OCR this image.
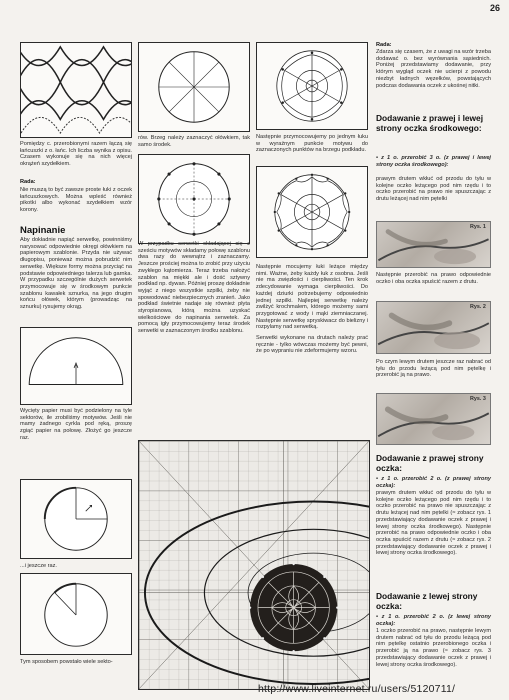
26
Pomiędzy c. przerobionymi razem łączą się łańcuszki z o. łańc. Ich liczba wynika z opisu. Czasem wykonuje się na nich więcej okrążeń szydełkiem.
Rada:
Nie muszą to być zawsze proste łuki z oczek łańcuszkowych. Można wpleść również pikotki albo wykonać szydełkiem wzór korony.
Napinanie
Aby dokładnie napiąć serwetkę, powinniśmy narysować odpowiednie okręgi ołówkiem na papierowym szablonie. Przyda nie używać długopisu, ponieważ można pobrudzić nim serwetkę. Większe formy można przyciąć na podstawie odpowiedniego talerza lub garnka. W przypadku szczególnie dużych serwetek przymocowuje się w środkowym punkcie szablonu kawałek sznurka, na jego drugim końcu ołówek, którym (prowadząc na sznurku) rysujemy okrąg.
Wycięty papier musi być podzielony na tyle sektorów, ile zrobiliśmy motywów. Jeśli nie mamy żadnego cyrkla pod ręką, proszę zgiąć papier na połowę. Złożyć go jeszcze raz.
...i jeszcze raz.
Tym sposobem powstało wiele sekto-
rów. Brzeg należy zaznaczyć ołówkiem, tak samo środek.
W przypadku serwetki składającej się z sześciu motywów składamy połowę szablonu dwa razy do wewnątrz i zaznaczamy. Jeszcze prościej można to zrobić przy użyciu zwykłego kątomierza. Teraz trzeba nałożyć szablon na miękki ale i dość sztywny podkład np. dywan. Później proszę dokładnie wyjąć z niego wszystkie szpilki, żeby nie spowodować niebezpiecznych zranień. Jako podkład świetnie nadaje się również płyta styropianowa, którą można uzyskać wielkościowe do napinania serwetek. Za pomocą igły przymocowujemy teraz środek serwetki w zaznaczonym środku szablonu.
Następnie przymocowujemy po jednym łuku w wyraźnym punkcie motywu do zaznaczonych punktów na brzegu podkładu.
Następnie mocujemy łuki leżące między nimi. Ważne, żeby każdy łuk z osobna. Jeśli nie ma zwięzłości i cierpliwości. Ten krok zdecydowanie wymaga cierpliwości. Do każdej dziurki potrzebujemy odpowiednio jednej szpilki. Najlepiej serwetkę należy zwilżyć krochmalem, którego możemy sami przygotować z wody i mąki ziemniaczanej. Następnie serwetkę spryskiwacz do bielizny i rozpylamy nad serwetką.
Serwetki wykonane na drutach należy prać ręcznie - tylko wówczas możemy być pewni, że po wypraniu nie zdeformujemy wzoru.
Rada:
Zdarza się czasem, że z uwagi na wzór trzeba dodawać o. bez wyrównania sąsiednich. Poniżej przedstawiamy dodawanie, przy którym wygląd oczek nie ucierpi z powodu niezbyt ładnych węzełków, powstających podczas dodawania oczek z ukośnej nitki.
Dodawanie z prawej i lewej strony oczka środkowego:
• z 1 o. przerobić 3 o. (z prawej i lewej strony oczka środkowego):
prawym drutem wkłuć od przodu do tyłu w kolejne oczko leżącego pod nim rzędu i to oczko przerobić na prawo nie spuszczając z drutu leżącej nad nim pętelki
Rys. 1
Następnie przerobić na prawo odpowiednie oczko i oba oczka spuścić razem z drutu.
Rys. 2
Po czym lewym drutem jeszcze raz nabrać od tyłu do przodu leżącą pod nim pętelkę i przerobić ją na prawo.
Rys. 3
Dodawanie z prawej strony oczka:
• z 1 o. przerobić 2 o. (z prawej strony oczka):
prawym drutem wkłuć od przodu do tyłu w kolejne oczko leżącego pod nim rzędu i to oczko przerobić na prawo nie spuszczając z drutu leżącej nad nim pętelki (≈ zobacz rys. 1 przedstawiający dodawanie oczek z prawej i lewej strony oczka środkowego). Następnie przerobić na prawo odpowiednie oczko i oba oczka spuścić razem z drutu (≈ zobacz rys. 2 przedstawiający dodawanie oczek z prawej i lewej strony oczka środkowego).
Dodawanie z lewej strony oczka:
• z 1 o. przerobić 2 o. (z lewej strony oczka):
1 oczko przerobić na prawo, następnie lewym drutem nabrać od tyłu do przodu leżącą pod nim pętelkę ostatnio przerobionego oczka i przerobić ją na prawo (≈ zobacz rys. 3 przedstawiający dodawanie oczek z prawej i lewej strony oczka środkowego).
http://www.liveinternet.ru/users/5120711/
